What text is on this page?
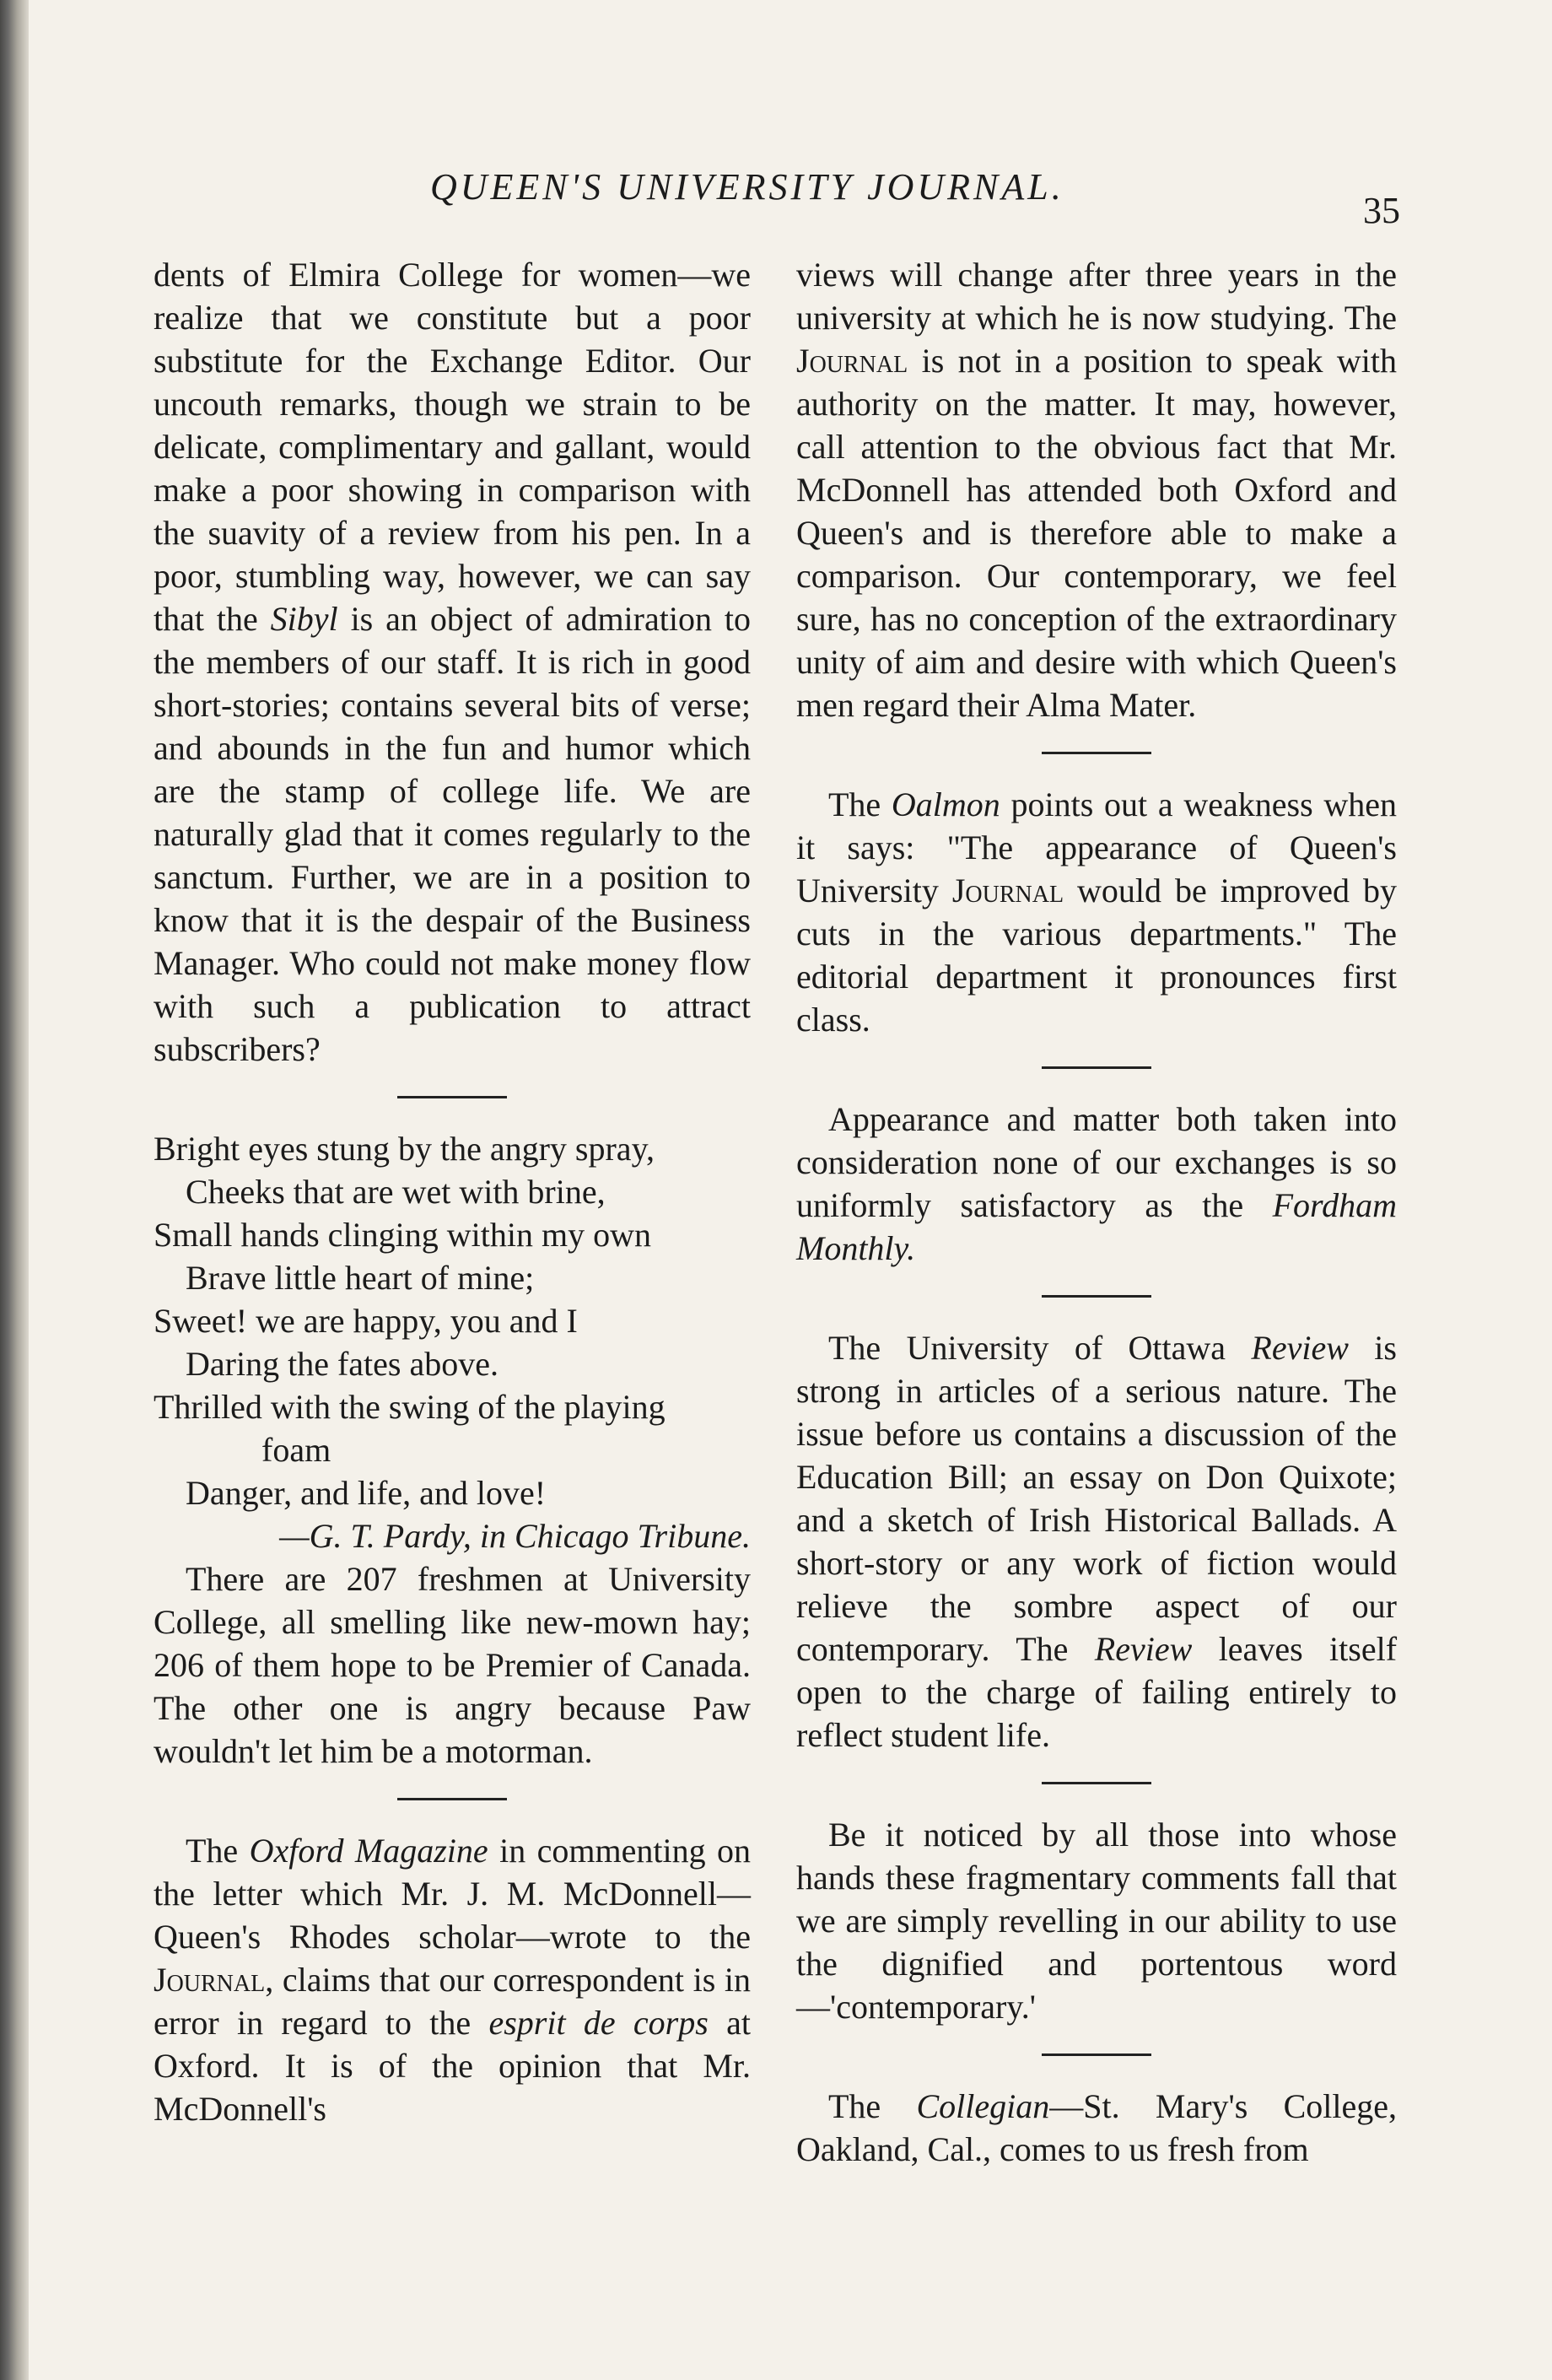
QUEEN'S UNIVERSITY JOURNAL.
35

dents of Elmira College for women—we realize that we constitute but a poor substitute for the Exchange Editor. Our uncouth remarks, though we strain to be delicate, complimentary and gallant, would make a poor showing in comparison with the suavity of a review from his pen. In a poor, stumbling way, however, we can say that the Sibyl is an object of admiration to the members of our staff. It is rich in good short-stories; contains several bits of verse; and abounds in the fun and humor which are the stamp of college life. We are naturally glad that it comes regularly to the sanctum. Further, we are in a position to know that it is the despair of the Business Manager. Who could not make money flow with such a publication to attract subscribers?

Bright eyes stung by the angry spray,
Cheeks that are wet with brine,
Small hands clinging within my own
Brave little heart of mine;
Sweet! we are happy, you and I
Daring the fates above.
Thrilled with the swing of the playing
foam
Danger, and life, and love!
—G. T. Pardy, in Chicago Tribune.

There are 207 freshmen at University College, all smelling like new-mown hay; 206 of them hope to be Premier of Canada. The other one is angry because Paw wouldn't let him be a motorman.

The Oxford Magazine in commenting on the letter which Mr. J. M. McDonnell—Queen's Rhodes scholar—wrote to the Journal, claims that our correspondent is in error in regard to the esprit de corps at Oxford. It is of the opinion that Mr. McDonnell's

views will change after three years in the university at which he is now studying. The Journal is not in a position to speak with authority on the matter. It may, however, call attention to the obvious fact that Mr. McDonnell has attended both Oxford and Queen's and is therefore able to make a comparison. Our contemporary, we feel sure, has no conception of the extraordinary unity of aim and desire with which Queen's men regard their Alma Mater.

The Oalmon points out a weakness when it says: "The appearance of Queen's University Journal would be improved by cuts in the various departments." The editorial department it pronounces first class.

Appearance and matter both taken into consideration none of our exchanges is so uniformly satisfactory as the Fordham Monthly.

The University of Ottawa Review is strong in articles of a serious nature. The issue before us contains a discussion of the Education Bill; an essay on Don Quixote; and a sketch of Irish Historical Ballads. A short-story or any work of fiction would relieve the sombre aspect of our contemporary. The Review leaves itself open to the charge of failing entirely to reflect student life.

Be it noticed by all those into whose hands these fragmentary comments fall that we are simply revelling in our ability to use the dignified and portentous word—'contemporary.'

The Collegian—St. Mary's College, Oakland, Cal., comes to us fresh from
